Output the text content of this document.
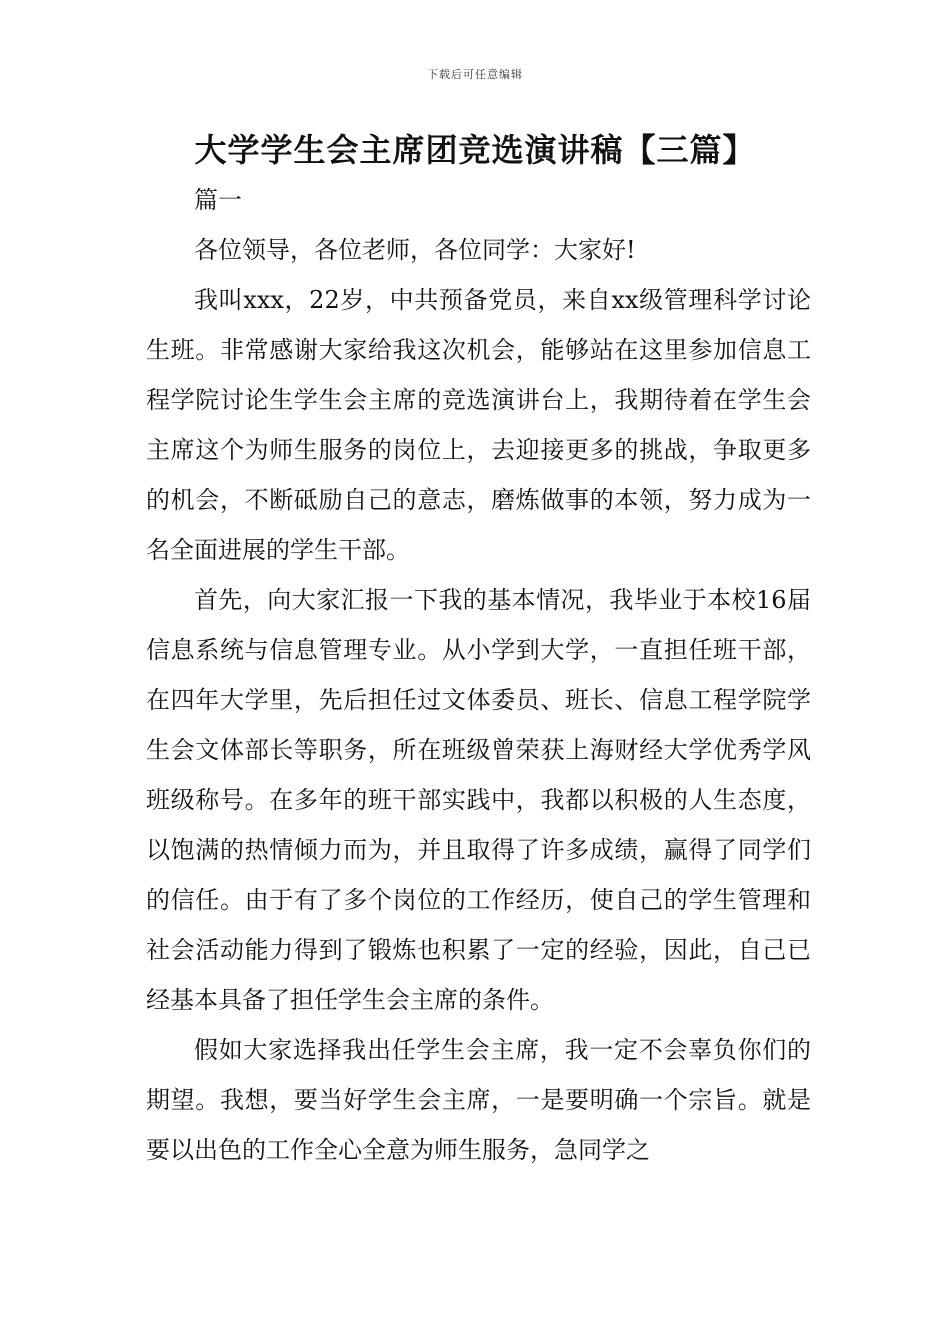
下载后可任意编辑
大学学生会主席团竞选演讲稿【三篇】

篇一

各位领导，各位老师，各位同学：大家好!

我叫xxx，22岁，中共预备党员，来自xx级管理科学讨论生班。非常感谢大家给我这次机会，能够站在这里参加信息工程学院讨论生学生会主席的竞选演讲台上，我期待着在学生会主席这个为师生服务的岗位上，去迎接更多的挑战，争取更多的机会，不断砥励自己的意志，磨炼做事的本领，努力成为一名全面进展的学生干部。

首先，向大家汇报一下我的基本情况，我毕业于本校16届信息系统与信息管理专业。从小学到大学，一直担任班干部，在四年大学里，先后担任过文体委员、班长、信息工程学院学生会文体部长等职务，所在班级曾荣获上海财经大学优秀学风班级称号。在多年的班干部实践中，我都以积极的人生态度，以饱满的热情倾力而为，并且取得了许多成绩，赢得了同学们的信任。由于有了多个岗位的工作经历，使自己的学生管理和社会活动能力得到了锻炼也积累了一定的经验，因此，自己已经基本具备了担任学生会主席的条件。

假如大家选择我出任学生会主席，我一定不会辜负你们的期望。我想，要当好学生会主席，一是要明确一个宗旨。就是要以出色的工作全心全意为师生服务，急同学之
